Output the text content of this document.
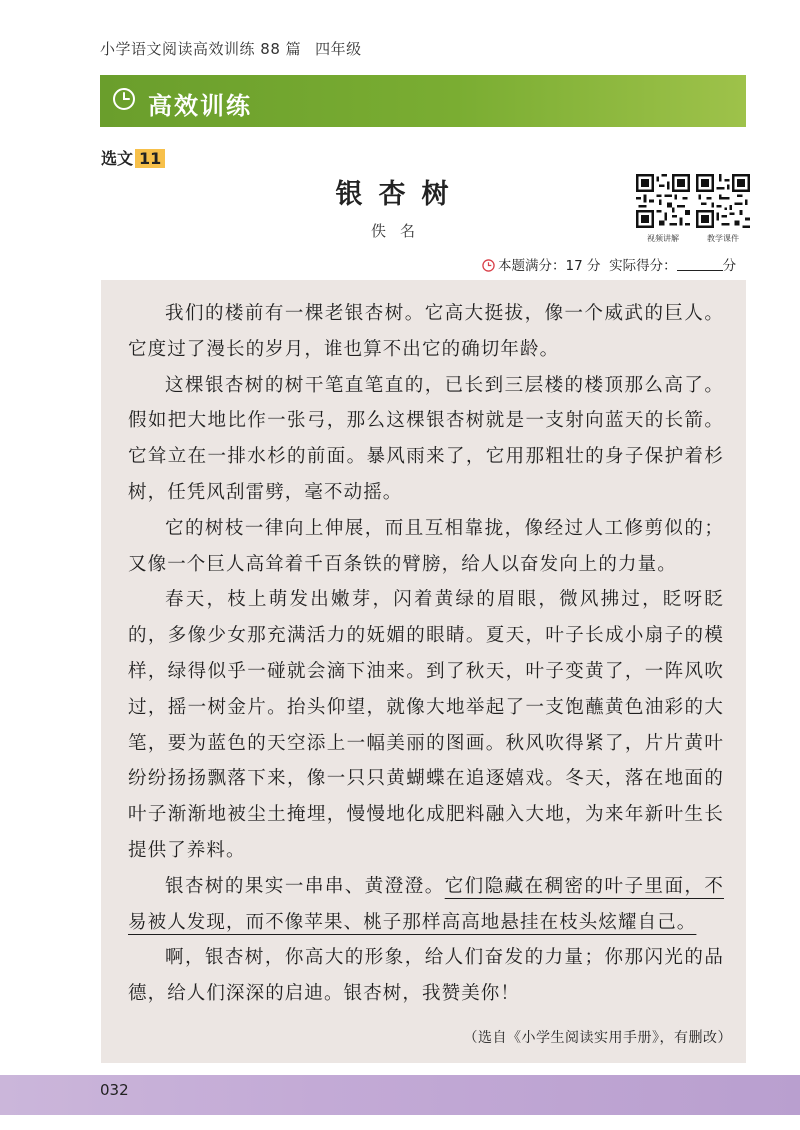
小学语文阅读高效训练 88 篇 四年级
高效训练
选文 11
银杏树
佚名	视频讲解	教学课件
本题满分：17 分 实际得分：	分

我们的楼前有一棵老银杏树。它高大挺拔，像一个威武的巨人。它度过了漫长的岁月，谁也算不出它的确切年龄。

这棵银杏树的树干笔直笔直的，已长到三层楼的楼顶那么高了。假如把大地比作一张弓，那么这棵银杏树就是一支射向蓝天的长箭。它耸立在一排水杉的前面。暴风雨来了，它用那粗壮的身子保护着杉树，任凭风刮雷劈，毫不动摇。

它的树枝一律向上伸展，而且互相靠拢，像经过人工修剪似的；又像一个巨人高耸着千百条铁的臂膀，给人以奋发向上的力量。

春天，枝上萌发出嫩芽，闪着黄绿的眉眼，微风拂过，眨呀眨的，多像少女那充满活力的妩媚的眼睛。夏天，叶子长成小扇子的模样，绿得似乎一碰就会滴下油来。到了秋天，叶子变黄了，一阵风吹过，摇一树金片。抬头仰望，就像大地举起了一支饱蘸黄色油彩的大笔，要为蓝色的天空添上一幅美丽的图画。秋风吹得紧了，片片黄叶纷纷扬扬飘落下来，像一只只黄蝴蝶在追逐嬉戏。冬天，落在地面的叶子渐渐地被尘土掩埋，慢慢地化成肥料融入大地，为来年新叶生长提供了养料。

银杏树的果实一串串、黄澄澄。它们隐藏在稠密的叶子里面，不易被人发现，而不像苹果、桃子那样高高地悬挂在枝头炫耀自己。

啊，银杏树，你高大的形象，给人们奋发的力量；你那闪光的品德，给人们深深的启迪。银杏树，我赞美你！

（选自《小学生阅读实用手册》，有删改）
032
